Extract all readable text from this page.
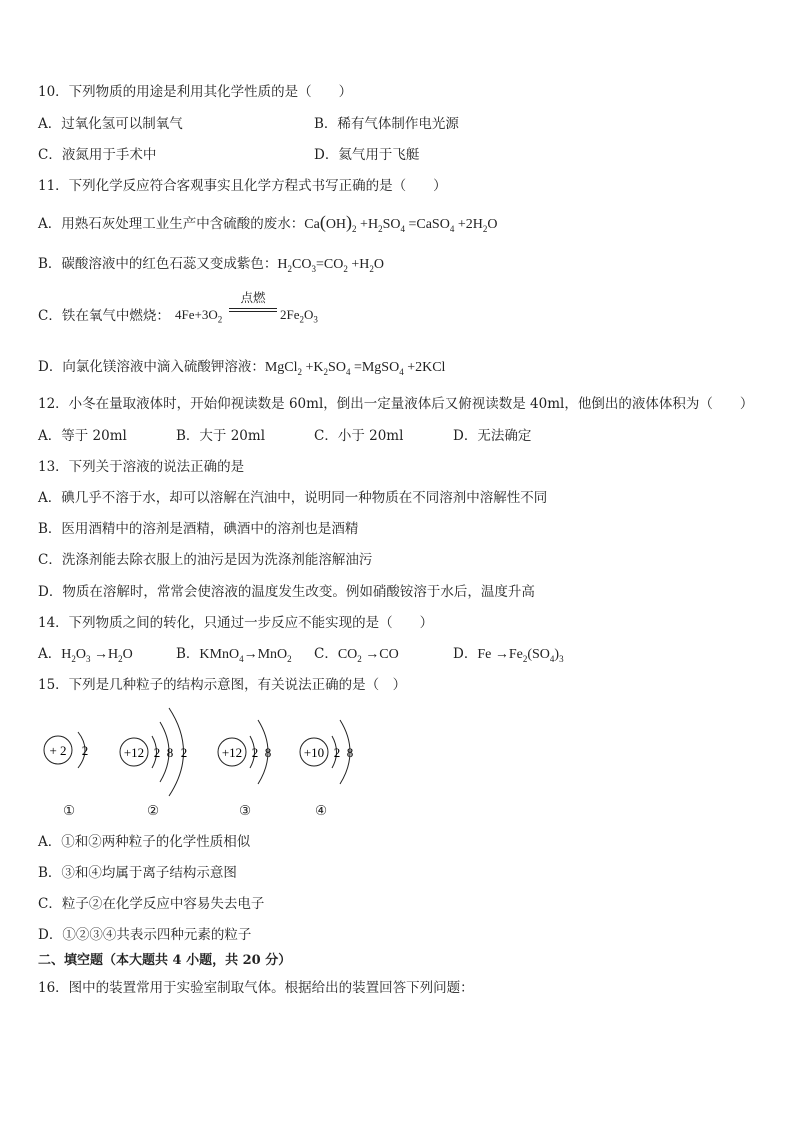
10．下列物质的用途是利用其化学性质的是（　　）
A．过氧化氢可以制氧气	B．稀有气体制作电光源
C．液氮用于手术中	D．氦气用于飞艇
11．下列化学反应符合客观事实且化学方程式书写正确的是（　　）
A．用熟石灰处理工业生产中含硫酸的废水：$Ca(OH)_2 +H_2SO_4$ =CaSO$_4$ $+2H_2O$
B．碳酸溶液中的红色石蕊又变成紫色：$H_2CO_3=CO_2 +H_2O$
C．铁在氧气中燃烧： $4Fe+3O_2$
点燃
$2Fe_2O_3$
D．向氯化镁溶液中滴入硫酸钾溶液：MgCl$_2$ $+K_2SO_4$ =MgSO$_4$ +2KCl
12．小冬在量取液体时，开始仰视读数是 60ml，倒出一定量液体后又俯视读数是 40ml，他倒出的液体体积为（　　）
A．等于 20ml	B．大于 20ml	C．小于 20ml	D．无法确定
13．下列关于溶液的说法正确的是
A．碘几乎不溶于水，却可以溶解在汽油中，说明同一种物质在不同溶剂中溶解性不同
B．医用酒精中的溶剂是酒精，碘酒中的溶剂也是酒精
C．洗涤剂能去除衣服上的油污是因为洗涤剂能溶解油污
D．物质在溶解时，常常会使溶液的温度发生改变。例如硝酸铵溶于水后，温度升高
14．下列物质之间的转化，只通过一步反应不能实现的是（　　）
A．$H_2O_3 \to H_2O$	B．KMnO$_4$→MnO$_2$ C．$CO_2 \to CO$	D．$Fe \to Fe_2(SO_4)_3$
15．下列是几种粒子的结构示意图，有关说法正确的是（　）
+ 2 2
①
+12 2 8 2
②
+12 2 8
③
+10 2 8
④
A．①和②两种粒子的化学性质相似
B．③和④均属于离子结构示意图
C．粒子②在化学反应中容易失去电子
D．①②③④共表示四种元素的粒子
二、填空题（本大题共 4 小题，共 20 分）
16．图中的装置常用于实验室制取气体。根据给出的装置回答下列问题：
